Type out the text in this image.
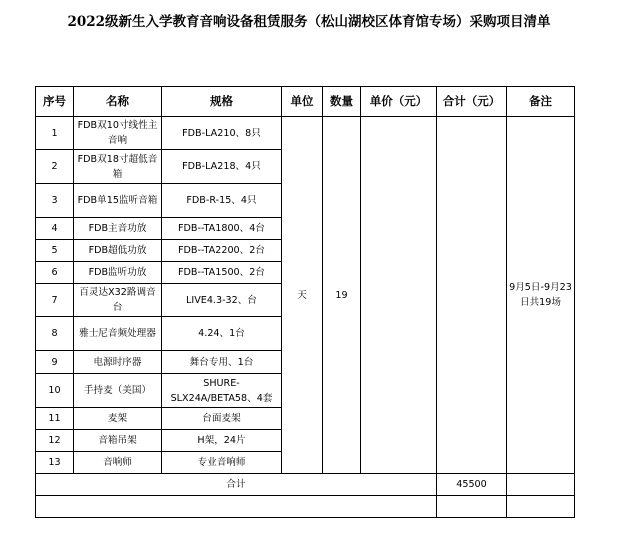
2022级新生入学教育音响设备租赁服务（松山湖校区体育馆专场）采购项目清单
序号	名称	规格	单位	数量	单价（元）	合计（元）	备注
1	FDB双10寸线性主音响	FDB-LA210、8只	天	19			9月5日-9月23日共19场
2	FDB双18寸超低音箱	FDB-LA218、4只					
3	FDB单15监听音箱	FDB-R-15、4只					
4	FDB主音功放	FDB--TA1800、4台					
5	FDB超低功放	FDB--TA2200、2台					
6	FDB监听功放	FDB--TA1500、2台					
7	百灵达X32路调音台	LIVE4.3-32、台					
8	雅士尼音频处理器	4.24、1台					
9	电源时序器	舞台专用、1台					
10	手持麦（美国）	SHURE-SLX24A/BETA58、4套					
11	麦架	台面麦架					
12	音箱吊架	H架，24片					
13	音响师	专业音响师					
合计						45500	
